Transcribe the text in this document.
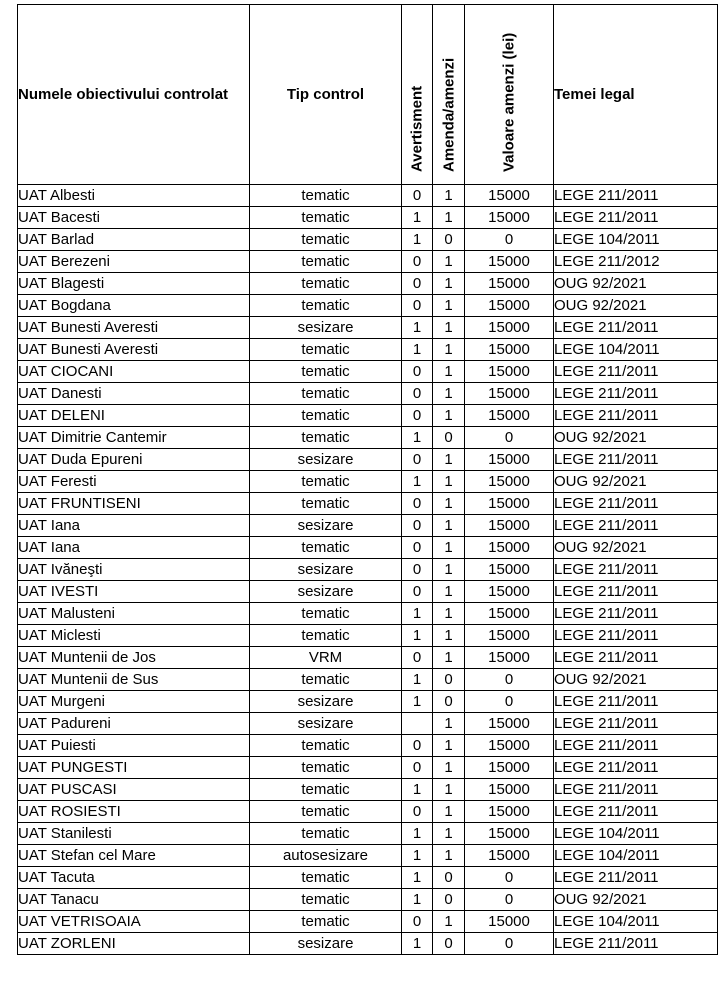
Numele obiectivului controlat	Tip control	Avertisment	Amenda/amenzi	Valoare amenzi (lei)	Temei legal
UAT Albesti	tematic	0	1	15000	LEGE 211/2011
UAT Bacesti	tematic	1	1	15000	LEGE 211/2011
UAT Barlad	tematic	1	0	0	LEGE 104/2011
UAT Berezeni	tematic	0	1	15000	LEGE 211/2012
UAT Blagesti	tematic	0	1	15000	OUG 92/2021
UAT Bogdana	tematic	0	1	15000	OUG 92/2021
UAT Bunesti Averesti	sesizare	1	1	15000	LEGE 211/2011
UAT Bunesti Averesti	tematic	1	1	15000	LEGE 104/2011
UAT CIOCANI	tematic	0	1	15000	LEGE 211/2011
UAT Danesti	tematic	0	1	15000	LEGE 211/2011
UAT DELENI	tematic	0	1	15000	LEGE 211/2011
UAT Dimitrie Cantemir	tematic	1	0	0	OUG 92/2021
UAT Duda Epureni	sesizare	0	1	15000	LEGE 211/2011
UAT Feresti	tematic	1	1	15000	OUG 92/2021
UAT FRUNTISENI	tematic	0	1	15000	LEGE 211/2011
UAT Iana	sesizare	0	1	15000	LEGE 211/2011
UAT Iana	tematic	0	1	15000	OUG 92/2021
UAT Ivăneşti	sesizare	0	1	15000	LEGE 211/2011
UAT IVESTI	sesizare	0	1	15000	LEGE 211/2011
UAT Malusteni	tematic	1	1	15000	LEGE 211/2011
UAT Miclesti	tematic	1	1	15000	LEGE 211/2011
UAT Muntenii de Jos	VRM	0	1	15000	LEGE 211/2011
UAT Muntenii de Sus	tematic	1	0	0	OUG 92/2021
UAT Murgeni	sesizare	1	0	0	LEGE 211/2011
UAT Padureni	sesizare		1	15000	LEGE 211/2011
UAT Puiesti	tematic	0	1	15000	LEGE 211/2011
UAT PUNGESTI	tematic	0	1	15000	LEGE 211/2011
UAT PUSCASI	tematic	1	1	15000	LEGE 211/2011
UAT ROSIESTI	tematic	0	1	15000	LEGE 211/2011
UAT Stanilesti	tematic	1	1	15000	LEGE 104/2011
UAT Stefan cel Mare	autosesizare	1	1	15000	LEGE 104/2011
UAT Tacuta	tematic	1	0	0	LEGE 211/2011
UAT Tanacu	tematic	1	0	0	OUG 92/2021
UAT VETRISOAIA	tematic	0	1	15000	LEGE 104/2011
UAT ZORLENI	sesizare	1	0	0	LEGE 211/2011
